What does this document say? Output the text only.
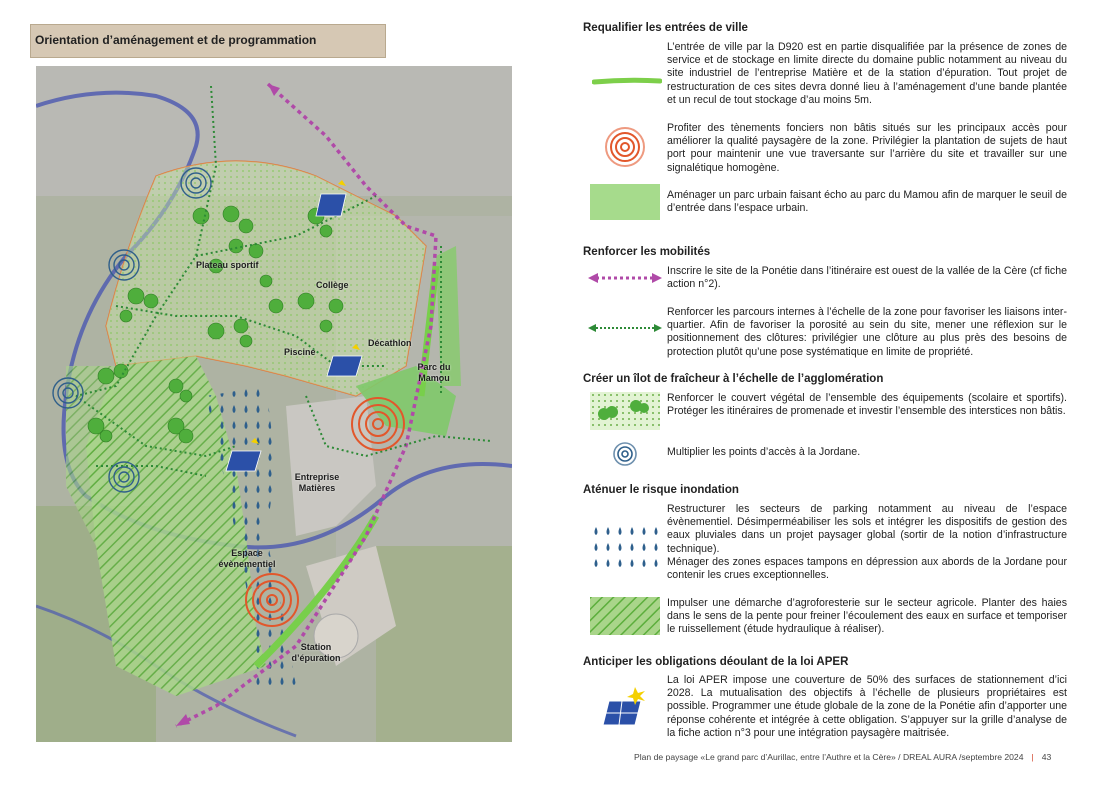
Orientation d’aménagement et de programmation
Plateau sportif
Collège
Piscine
Décathlon
Parc du Mamou
Entreprise Matières
Espace évènementiel
Station d’épuration
Requalifier les entrées de ville
L’entrée de ville par la D920 est en partie disqualifiée par la présence de zones de service et de stockage en limite directe du domaine public notamment au niveau du site industriel de l’entreprise Matière et de la station d’épuration. Tout projet de restructuration de ces sites devra donné lieu à l’aménagement d’une bande plantée et un recul de tout stockage d’au moins 5m.
Profiter des tènements fonciers non bâtis situés sur les principaux accès pour améliorer la qualité paysagère de la zone. Privilégier la plantation de sujets de haut port pour maintenir une vue traversante sur l’arrière du site et travailler sur une signalétique homogène.
Aménager un parc urbain faisant écho au parc du Mamou afin de marquer le seuil de d’entrée dans l’espace urbain.
Renforcer les mobilités
Inscrire le site de la Ponétie dans l’itinéraire est ouest de la vallée de la Cère (cf fiche action n°2).
Renforcer les parcours internes à l’échelle de la zone pour favoriser les liaisons inter-quartier. Afin de favoriser la porosité au sein du site, mener une réflexion sur le positionnement des clôtures: privilégier une clôture au plus près des besoins de protection plutôt qu’une pose systématique en limite de propriété.
Créer un îlot de fraîcheur à l’échelle de l’agglomération
Renforcer le couvert végétal de l’ensemble des équipements (scolaire et sportifs). Protéger les itinéraires de promenade et investir l’ensemble des interstices non bâtis.
Multiplier les points d’accès à la Jordane.
Aténuer le risque inondation
Restructurer les secteurs de parking notamment au niveau de l’espace évènementiel. Désimperméabiliser les sols et intégrer les dispositifs de gestion des eaux pluviales dans un projet paysager global (sortir de la notion d’infrastructure technique).
Ménager des zones espaces tampons en dépression aux abords de la Jordane pour contenir les crues exceptionnelles.
Impulser une démarche d’agroforesterie sur le secteur agricole. Planter des haies dans le sens de la pente pour freiner l’écoulement des eaux en surface et temporiser le ruissellement (étude hydraulique à réaliser).
Anticiper les obligations déoulant de la loi APER
La loi APER impose une couverture de 50% des surfaces de stationnement d’ici 2028. La mutualisation des objectifs à l’échelle de plusieurs propriétaires est possible. Programmer une étude globale de la zone de la Ponétie afin d’apporter une réponse cohérente et intégrée à cette obligation. S’appuyer sur la grille d’analyse de la fiche action n°3 pour une intégration paysagère maitrisée.
Plan de paysage «Le grand parc d’Aurillac, entre l’Authre et la Cère» / DREAL AURA /septembre 2024 | 43
